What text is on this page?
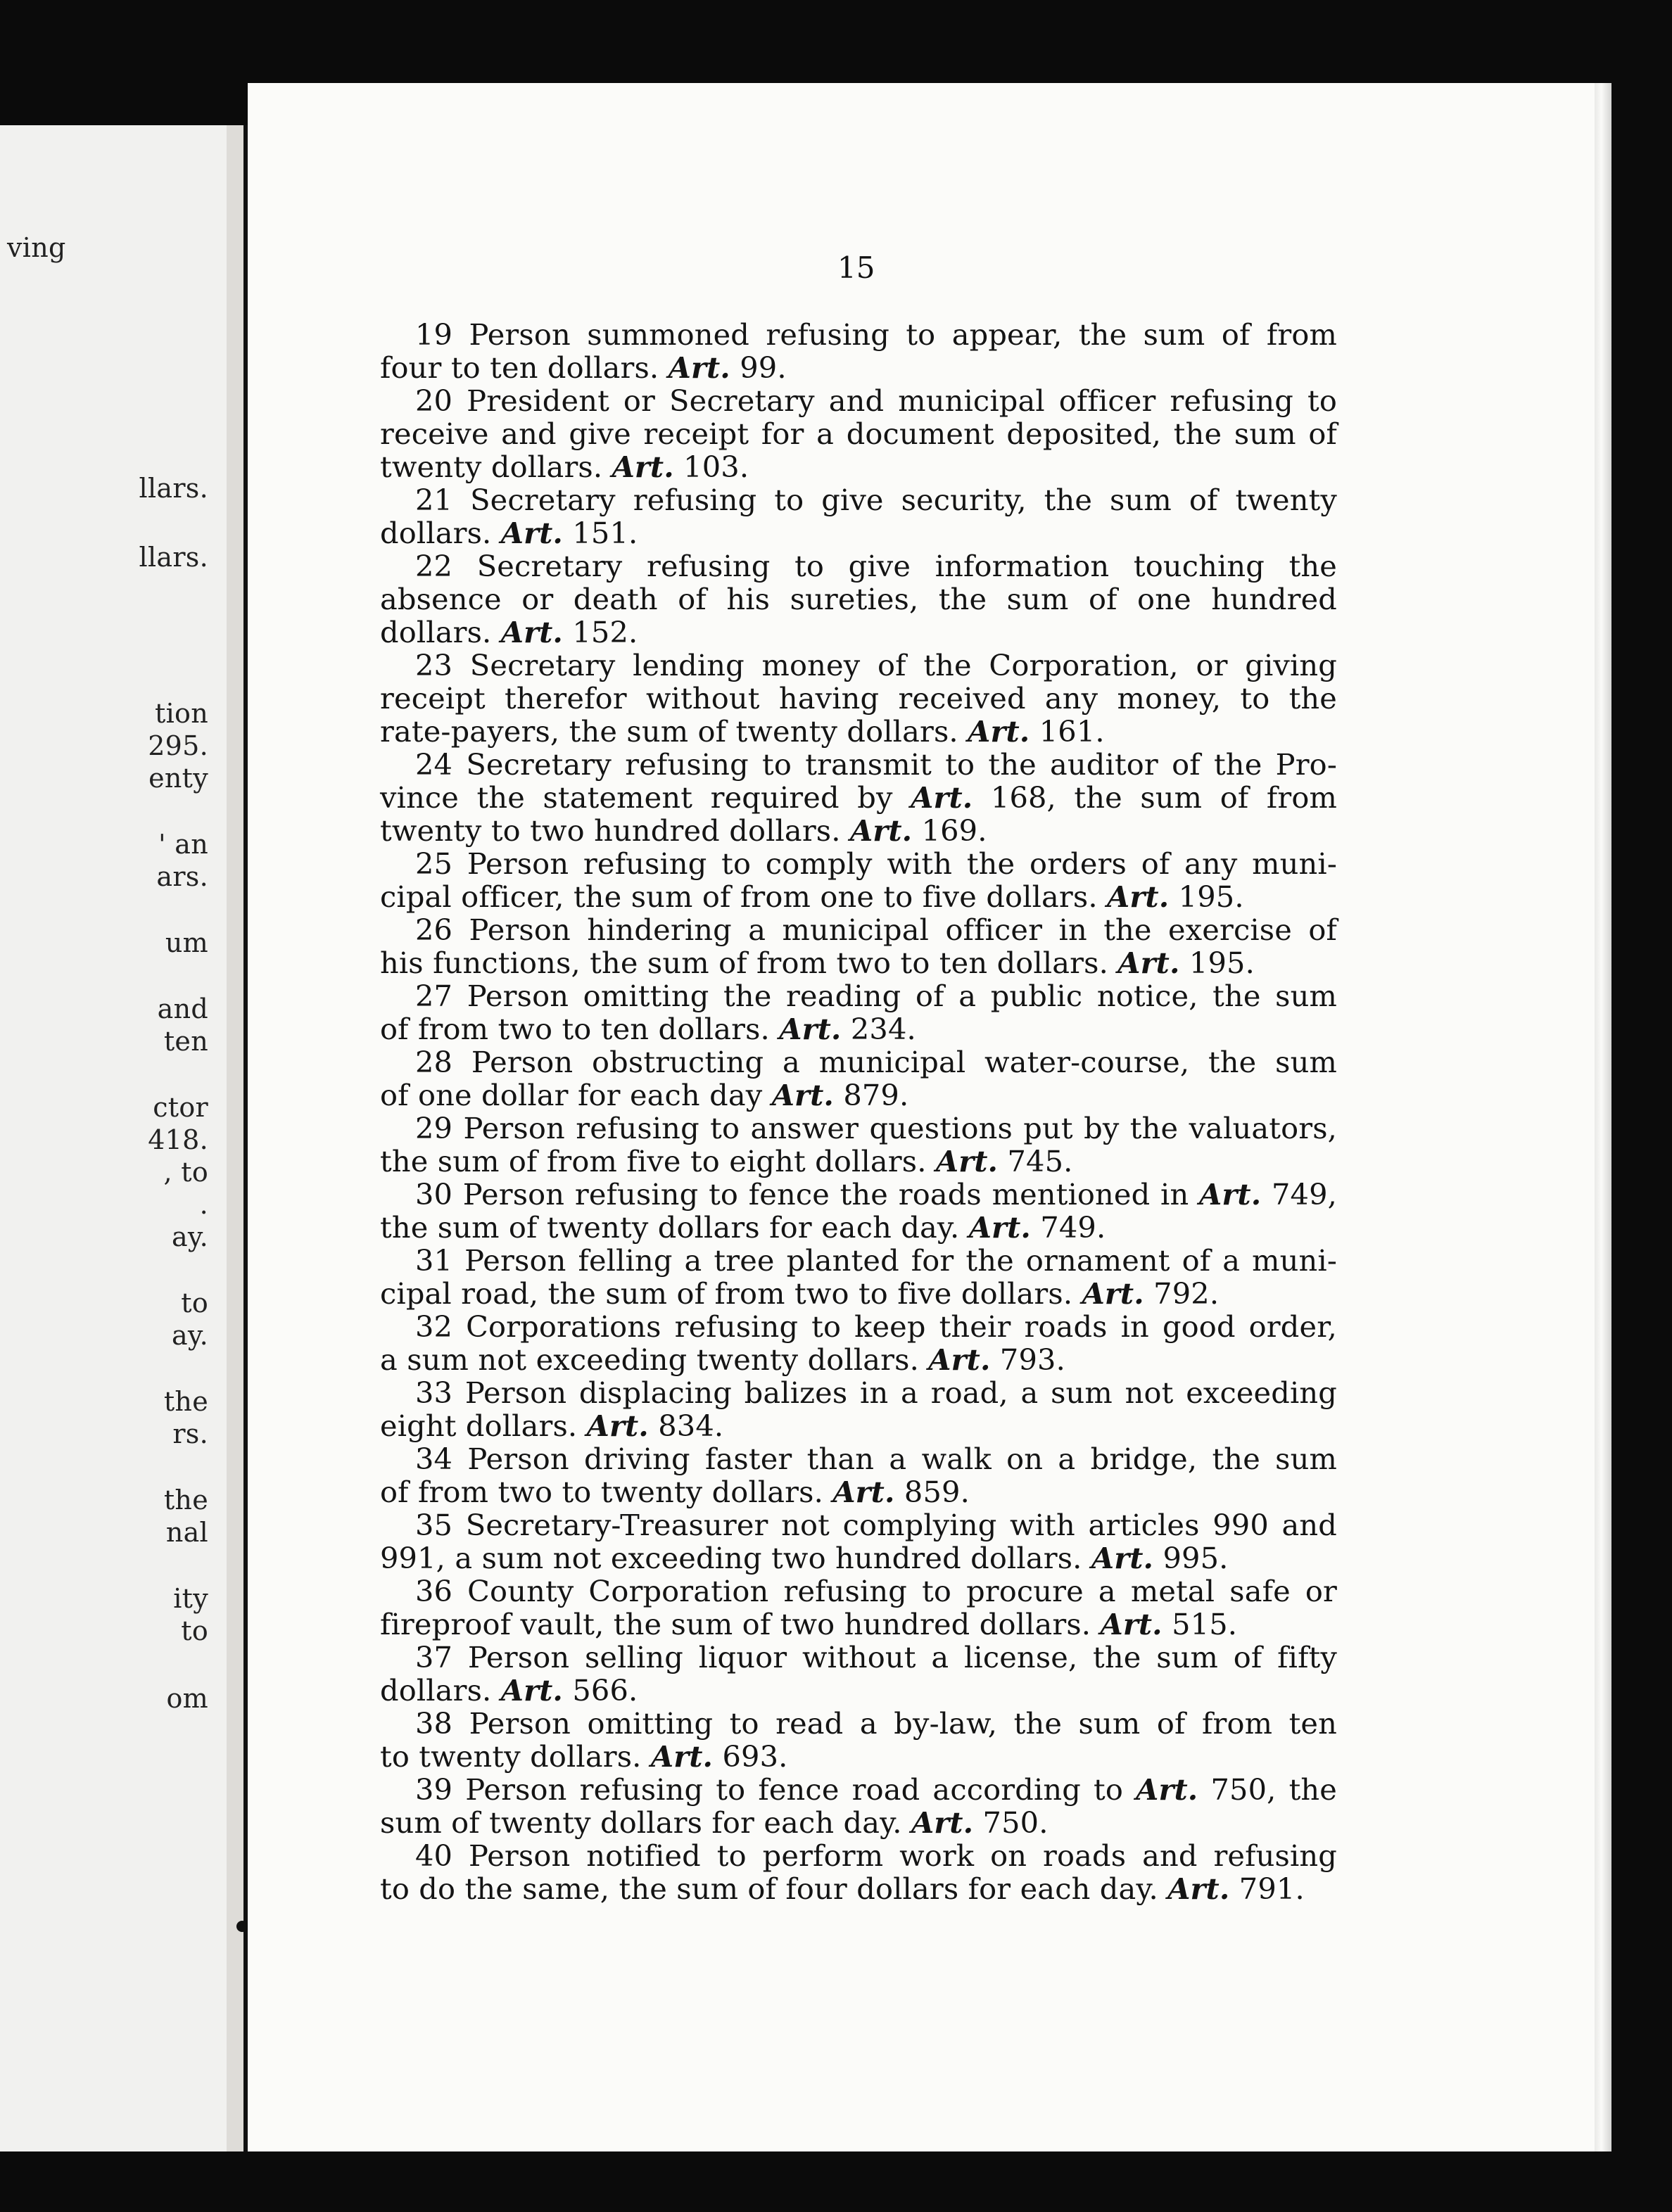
ving
llars.
llars.
tion
295.
enty
' an
ars.
um
and
ten
ctor
418.
, to
.
ay.
to
ay.
the
rs.
the
nal
ity
to
om
15
19 Person summoned refusing to appear, the sum of from
four to ten dollars. Art. 99.
20 President or Secretary and municipal officer refusing to
receive and give receipt for a document deposited, the sum of
twenty dollars. Art. 103.
21 Secretary refusing to give security, the sum of twenty
dollars. Art. 151.
22 Secretary refusing to give information touching the
absence or death of his sureties, the sum of one hundred
dollars. Art. 152.
23 Secretary lending money of the Corporation, or giving
receipt therefor without having received any money, to the
rate-payers, the sum of twenty dollars. Art. 161.
24 Secretary refusing to transmit to the auditor of the Pro-
vince the statement required by Art. 168, the sum of from
twenty to two hundred dollars. Art. 169.
25 Person refusing to comply with the orders of any muni-
cipal officer, the sum of from one to five dollars. Art. 195.
26 Person hindering a municipal officer in the exercise of
his functions, the sum of from two to ten dollars. Art. 195.
27 Person omitting the reading of a public notice, the sum
of from two to ten dollars. Art. 234.
28 Person obstructing a municipal water-course, the sum
of one dollar for each day Art. 879.
29 Person refusing to answer questions put by the valuators,
the sum of from five to eight dollars. Art. 745.
30 Person refusing to fence the roads mentioned in Art. 749,
the sum of twenty dollars for each day. Art. 749.
31 Person felling a tree planted for the ornament of a muni-
cipal road, the sum of from two to five dollars. Art. 792.
32 Corporations refusing to keep their roads in good order,
a sum not exceeding twenty dollars. Art. 793.
33 Person displacing balizes in a road, a sum not exceeding
eight dollars. Art. 834.
34 Person driving faster than a walk on a bridge, the sum
of from two to twenty dollars. Art. 859.
35 Secretary-Treasurer not complying with articles 990 and
991, a sum not exceeding two hundred dollars. Art. 995.
36 County Corporation refusing to procure a metal safe or
fireproof vault, the sum of two hundred dollars. Art. 515.
37 Person selling liquor without a license, the sum of fifty
dollars. Art. 566.
38 Person omitting to read a by-law, the sum of from ten
to twenty dollars. Art. 693.
39 Person refusing to fence road according to Art. 750, the
sum of twenty dollars for each day. Art. 750.
40 Person notified to perform work on roads and refusing
to do the same, the sum of four dollars for each day. Art. 791.
